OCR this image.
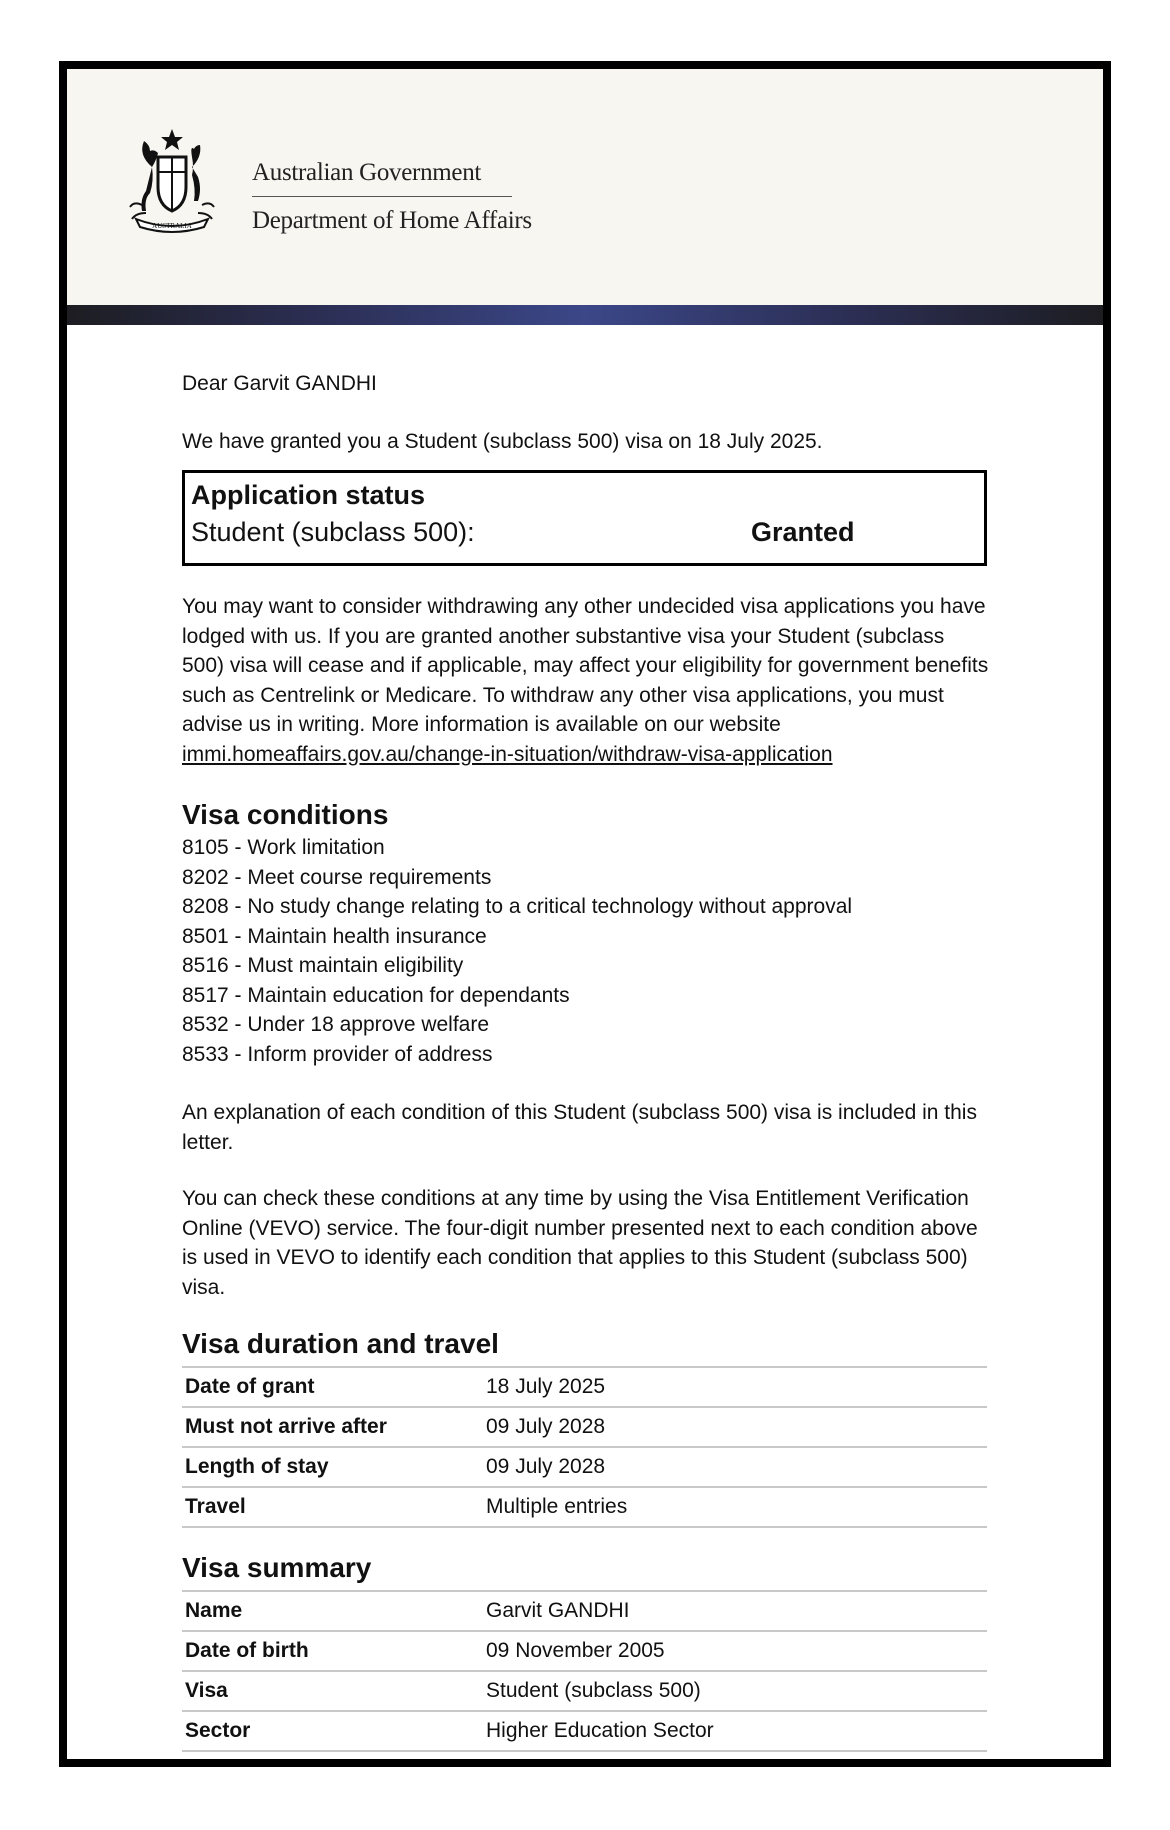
AUSTRALIA
Australian Government
Department of Home Affairs

Dear Garvit GANDHI

We have granted you a Student (subclass 500) visa on 18 July 2025.

Application status
Student (subclass 500):	Granted

You may want to consider withdrawing any other undecided visa applications you have lodged with us. If you are granted another substantive visa your Student (subclass 500) visa will cease and if applicable, may affect your eligibility for government benefits such as Centrelink or Medicare. To withdraw any other visa applications, you must advise us in writing. More information is available on our website immi.homeaffairs.gov.au/change-in-situation/withdraw-visa-application

Visa conditions
8105 - Work limitation
8202 - Meet course requirements
8208 - No study change relating to a critical technology without approval
8501 - Maintain health insurance
8516 - Must maintain eligibility
8517 - Maintain education for dependants
8532 - Under 18 approve welfare
8533 - Inform provider of address

An explanation of each condition of this Student (subclass 500) visa is included in this letter.

You can check these conditions at any time by using the Visa Entitlement Verification Online (VEVO) service. The four-digit number presented next to each condition above is used in VEVO to identify each condition that applies to this Student (subclass 500) visa.

Visa duration and travel
Date of grant	18 July 2025
Must not arrive after	09 July 2028
Length of stay	09 July 2028
Travel	Multiple entries
Visa summary
Name	Garvit GANDHI
Date of birth	09 November 2005
Visa	Student (subclass 500)
Sector	Higher Education Sector
